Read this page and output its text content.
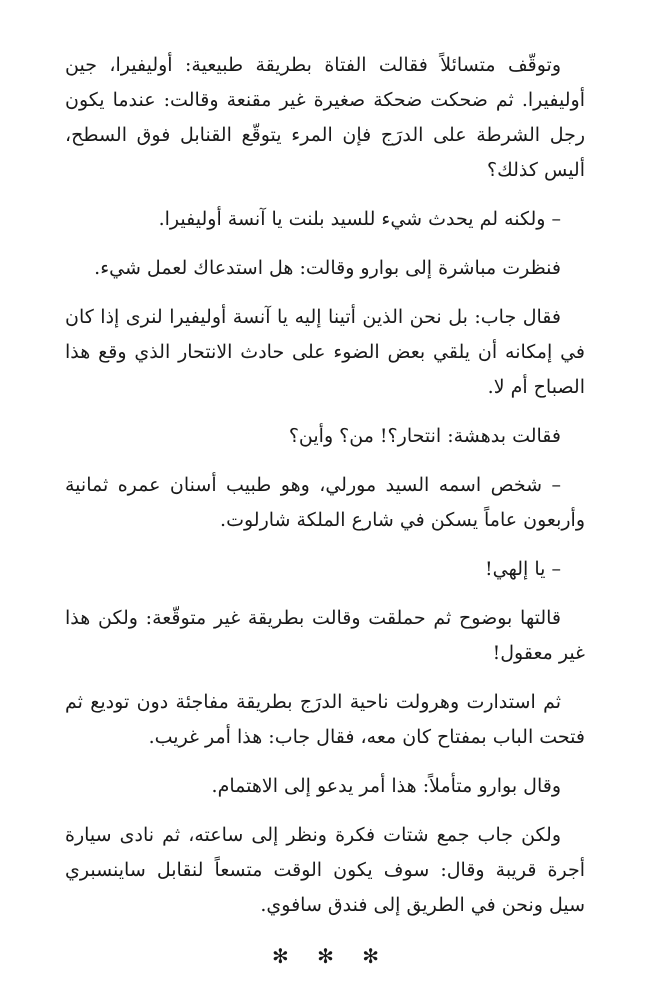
وتوقّف متسائلاً فقالت الفتاة بطريقة طبيعية: أوليفيرا، جين أوليفيرا. ثم ضحكت ضحكة صغيرة غير مقنعة وقالت: عندما يكون رجل الشرطة على الدرَج فإن المرء يتوقّع القنابل فوق السطح، أليس كذلك؟

– ولكنه لم يحدث شيء للسيد بلنت يا آنسة أوليفيرا.

فنظرت مباشرة إلى بوارو وقالت: هل استدعاك لعمل شيء.

فقال جاب: بل نحن الذين أتينا إليه يا آنسة أوليفيرا لنرى إذا كان في إمكانه أن يلقي بعض الضوء على حادث الانتحار الذي وقع هذا الصباح أم لا.

فقالت بدهشة: انتحار؟! من؟ وأين؟

– شخص اسمه السيد مورلي، وهو طبيب أسنان عمره ثمانية وأربعون عاماً يسكن في شارع الملكة شارلوت.

– يا إلهي!

قالتها بوضوح ثم حملقت وقالت بطريقة غير متوقّعة: ولكن هذا غير معقول!

ثم استدارت وهرولت ناحية الدرَج بطريقة مفاجئة دون توديع ثم فتحت الباب بمفتاح كان معه، فقال جاب: هذا أمر غريب.

وقال بوارو متأملاً: هذا أمر يدعو إلى الاهتمام.

ولكن جاب جمع شتات فكرة ونظر إلى ساعته، ثم نادى سيارة أجرة قريبة وقال: سوف يكون الوقت متسعاً لنقابل ساينسبري سيل ونحن في الطريق إلى فندق سافوي.

✻ ✻ ✻
